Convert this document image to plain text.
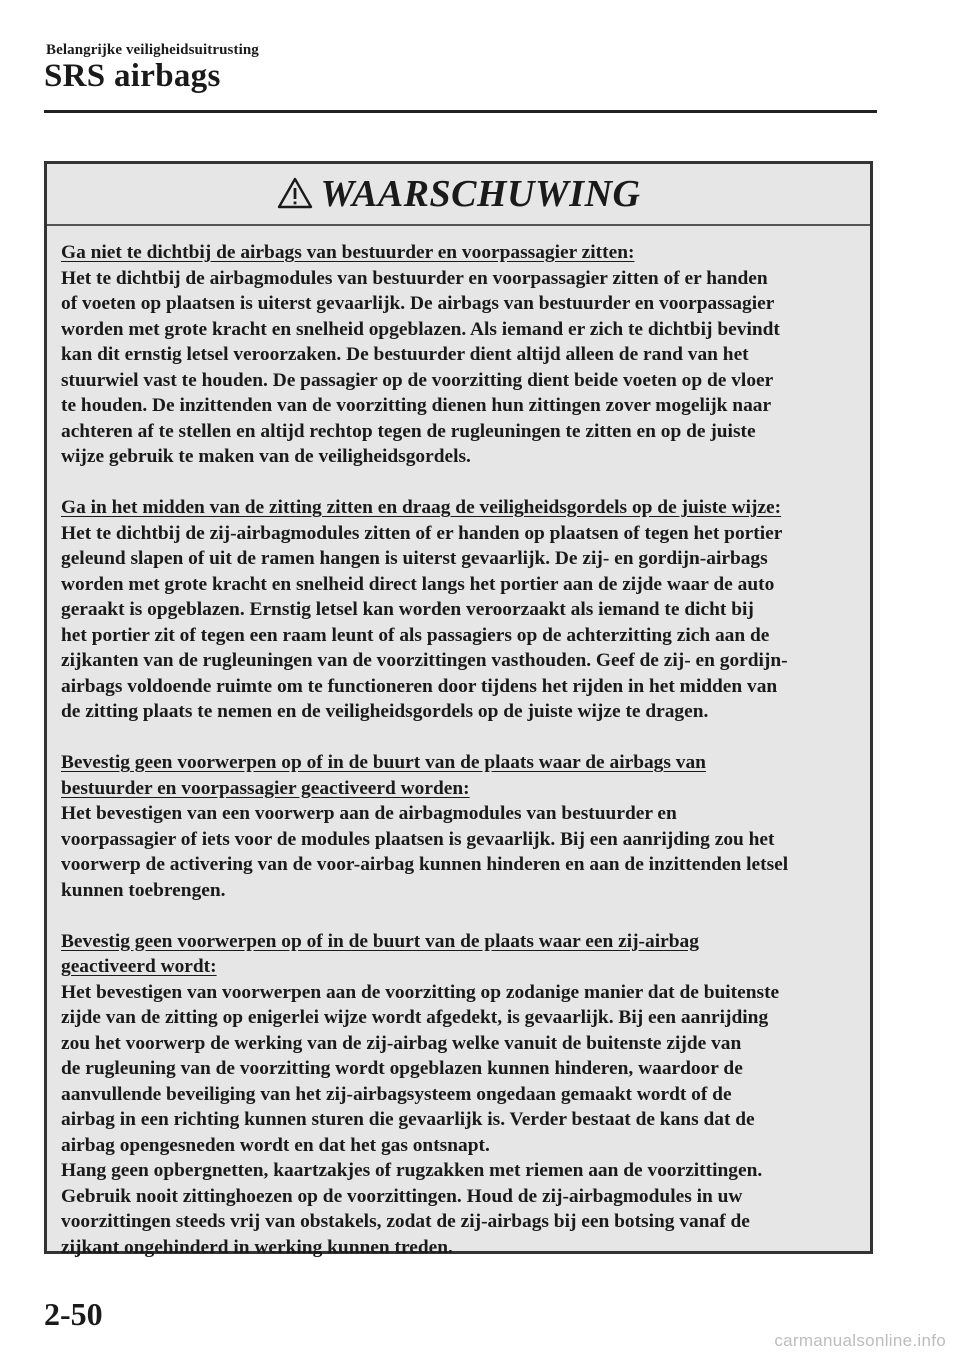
Belangrijke veiligheidsuitrusting
SRS airbags
WAARSCHUWING
Ga niet te dichtbij de airbags van bestuurder en voorpassagier zitten:
Het te dichtbij de airbagmodules van bestuurder en voorpassagier zitten of er handen
of voeten op plaatsen is uiterst gevaarlijk. De airbags van bestuurder en voorpassagier
worden met grote kracht en snelheid opgeblazen. Als iemand er zich te dichtbij bevindt
kan dit ernstig letsel veroorzaken. De bestuurder dient altijd alleen de rand van het
stuurwiel vast te houden. De passagier op de voorzitting dient beide voeten op de vloer
te houden. De inzittenden van de voorzitting dienen hun zittingen zover mogelijk naar
achteren af te stellen en altijd rechtop tegen de rugleuningen te zitten en op de juiste
wijze gebruik te maken van de veiligheidsgordels.
Ga in het midden van de zitting zitten en draag de veiligheidsgordels op de juiste wijze:
Het te dichtbij de zij-airbagmodules zitten of er handen op plaatsen of tegen het portier
geleund slapen of uit de ramen hangen is uiterst gevaarlijk. De zij- en gordijn-airbags
worden met grote kracht en snelheid direct langs het portier aan de zijde waar de auto
geraakt is opgeblazen. Ernstig letsel kan worden veroorzaakt als iemand te dicht bij
het portier zit of tegen een raam leunt of als passagiers op de achterzitting zich aan de
zijkanten van de rugleuningen van de voorzittingen vasthouden. Geef de zij- en gordijn-
airbags voldoende ruimte om te functioneren door tijdens het rijden in het midden van
de zitting plaats te nemen en de veiligheidsgordels op de juiste wijze te dragen.
Bevestig geen voorwerpen op of in de buurt van de plaats waar de airbags van
bestuurder en voorpassagier geactiveerd worden:
Het bevestigen van een voorwerp aan de airbagmodules van bestuurder en
voorpassagier of iets voor de modules plaatsen is gevaarlijk. Bij een aanrijding zou het
voorwerp de activering van de voor-airbag kunnen hinderen en aan de inzittenden letsel
kunnen toebrengen.
Bevestig geen voorwerpen op of in de buurt van de plaats waar een zij-airbag
geactiveerd wordt:
Het bevestigen van voorwerpen aan de voorzitting op zodanige manier dat de buitenste
zijde van de zitting op enigerlei wijze wordt afgedekt, is gevaarlijk. Bij een aanrijding
zou het voorwerp de werking van de zij-airbag welke vanuit de buitenste zijde van
de rugleuning van de voorzitting wordt opgeblazen kunnen hinderen, waardoor de
aanvullende beveiliging van het zij-airbagsysteem ongedaan gemaakt wordt of de
airbag in een richting kunnen sturen die gevaarlijk is. Verder bestaat de kans dat de
airbag opengesneden wordt en dat het gas ontsnapt.
Hang geen opbergnetten, kaartzakjes of rugzakken met riemen aan de voorzittingen.
Gebruik nooit zittinghoezen op de voorzittingen. Houd de zij-airbagmodules in uw
voorzittingen steeds vrij van obstakels, zodat de zij-airbags bij een botsing vanaf de
zijkant ongehinderd in werking kunnen treden.
2-50
carmanualsonline.info
